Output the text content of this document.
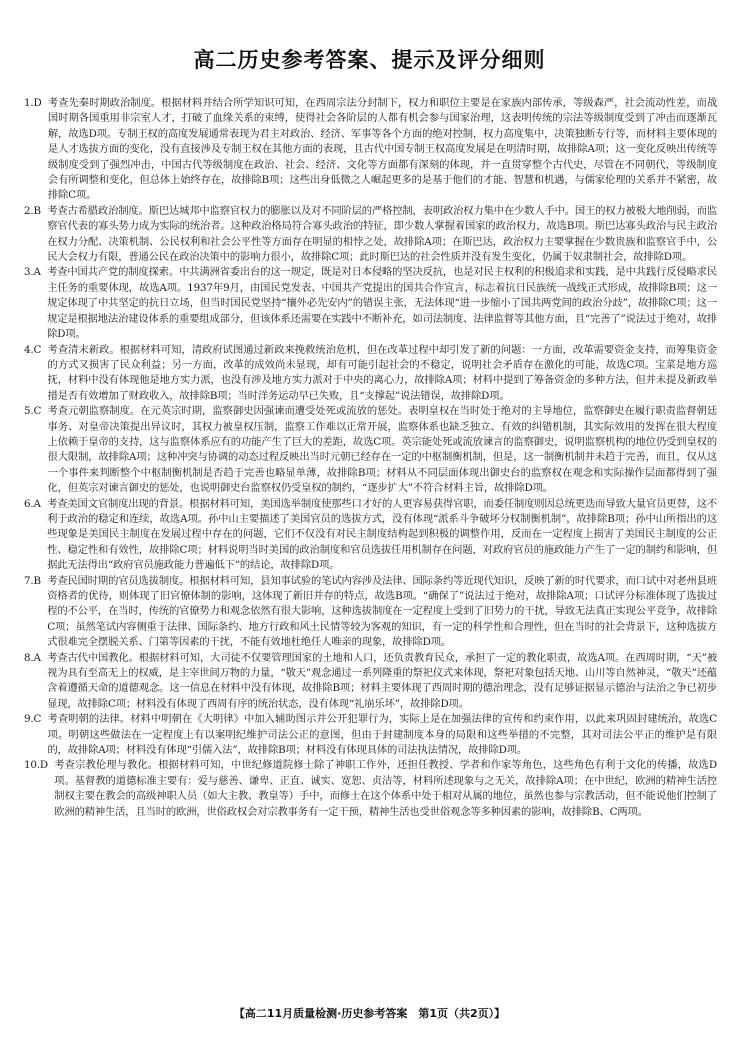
高二历史参考答案、提示及评分细则
1.D 考查先秦时期政治制度。根据材料并结合所学知识可知，在西周宗法分封制下，权力和职位主要是在家族内部传承，等级森严，社会流动性差，而战国时期各国重用非宗室人才，打破了血缘关系的束缚，使得社会各阶层的人都有机会参与国家治理，这表明传统的宗法等级制度受到了冲击而逐渐瓦解，故选D项。专制王权的高度发展通常表现为君主对政治、经济、军事等各个方面的绝对控制，权力高度集中，决策独断专行等，而材料主要体现的是人才选拔方面的变化，没有直接涉及专制王权在其他方面的表现，且古代中国专制王权高度发展是在明清时期，故排除A项；这一变化反映出传统等级制度受到了强烈冲击，中国古代等级制度在政治、社会、经济、文化等方面都有深刻的体现，并一直贯穿整个古代史，尽管在不同朝代，等级制度会有所调整和变化，但总体上始终存在，故排除B项；这些出身低微之人崛起更多的是基于他们的才能、智慧和机遇，与儒家伦理的关系并不紧密，故排除C项。
2.B 考查古希腊政治制度。斯巴达城邦中监察官权力的膨胀以及对不同阶层的严格控制，表明政治权力集中在少数人手中。国王的权力被极大地削弱，而监察官代表的寡头势力成为实际的统治者。这种政治格局符合寡头政治的特征，即少数人掌握着国家的政治权力，故选B项。斯巴达寡头政治与民主政治在权力分配、决策机制、公民权利和社会公平性等方面存在明显的相悖之处，故排除A项；在斯巴达，政治权力主要掌握在少数贵族和监察官手中，公民大会权力有限，普通公民在政治决策中的影响力很小，故排除C项；此时斯巴达的社会性质并没有发生变化，仍属于奴隶制社会，故排除D项。
3.A 考查中国共产党的制度探索。中共满洲省委出台的这一规定，既是对日本侵略的坚决反抗，也是对民主权利的积极追求和实践，是中共践行反侵略求民主任务的重要体现，故选A项。1937年9月，由国民党发表、中国共产党提出的国共合作宣言，标志着抗日民族统一战线正式形成，故排除B项；这一规定体现了中共坚定的抗日立场，但当时国民党坚持“攘外必先安内”的错误主张，无法体现“进一步缩小了国共两党间的政治分歧”，故排除C项；这一规定是根据地法治建设体系的重要组成部分，但该体系还需要在实践中不断补充，如司法制度、法律监督等其他方面，且“完善了”说法过于绝对，故排除D项。
4.C 考查清末新政。根据材料可知，清政府试图通过新政来挽救统治危机，但在改革过程中却引发了新的问题：一方面，改革需要资金支持，而筹集资金的方式又损害了民众利益；另一方面，改革的成效尚未显现，却有可能引起社会的不稳定，说明社会矛盾存在激化的可能，故选C项。宝菜是地方巡抚，材料中没有体现他是地方实力派，也没有涉及地方实力派对于中央的离心力，故排除A项；材料中提到了筹备资金的多种方法，但并未提及新政举措是否有效增加了财政收入，故排除B项；当时洋务运动早已失败，且“支撑起”说法错误，故排除D项。
5.C 考查元朝监察制度。在元英宗时期，监察御史因强谏而遭受处死或流放的惩处。表明皇权在当时处于绝对的主导地位，监察御史在履行职责监督朝廷事务、对皇帝决策提出异议时，其权力被皇权压制，监察工作难以正常开展，监察体系也缺乏独立、有效的纠错机制，其实际效用的发挥在很大程度上依赖于皇帝的支持，这与监察体系应有的功能产生了巨大的差距，故选C项。英宗能处死或流放谏言的监察御史，说明监察机构的地位仍受到皇权的很大限制，故排除A项；这种冲突与协调的动态过程反映出当时元朝已经存在一定的中枢制衡机制，但是，这一制衡机制并未趋于完善，而且，仅从这一个事件来判断整个中枢制衡机制是否趋于完善也略显单薄，故排除B项；材料从不同层面体现出御史台的监察权在观念和实际操作层面都得到了强化，但英宗对谏言御史的惩处，也说明御史台监察权仍受皇权的制约，“逐步扩大”不符合材料主旨，故排除D项。
6.A 考查美国文官制度出现的背景。根据材料可知，美国选举制度使那些口才好的人更容易获得官职，而委任制度则因总统更迭而导致大量官员更替，这不利于政治的稳定和连续，故选A项。孙中山主要描述了美国官员的选拔方式，没有体现“派系斗争破坏分权制衡机制”，故排除B项；孙中山所指出的这些现象是美国民主制度在发展过程中存在的问题，它们不仅没有对民主制度结构起到积极的调整作用，反而在一定程度上损害了美国民主制度的公正性、稳定性和有效性，故排除C项；材料说明当时美国的政治制度和官员选拔任用机制存在问题，对政府官员的施政能力产生了一定的制约和影响，但据此无法得出“政府官员施政能力普遍低下”的结论，故排除D项。
7.B 考查民国时期的官员选拔制度。根据材料可知，县知事试验的笔试内容涉及法律、国际条约等近现代知识，反映了新的时代要求，而口试中对老州县班资格者的优待，则体现了旧官僚体制的影响，这体现了新旧并存的特点，故选B项。“确保了”说法过于绝对，故排除A项；口试评分标准体现了选拔过程的不公平，在当时，传统的官僚势力和观念依然有很大影响，这种选拔制度在一定程度上受到了旧势力的干扰，导致无法真正实现公平竞争，故排除C项；虽然笔试内容侧重于法律、国际条约、地方行政和风土民情等较为客观的知识，有一定的科学性和合理性，但在当时的社会背景下，这种选拔方式很难完全摆脱关系、门第等因素的干扰，不能有效地杜绝任人唯亲的现象，故排除D项。
8.A 考查古代中国教化。根据材料可知，大司徒不仅要管理国家的土地和人口，还负责教育民众，承担了一定的教化职责，故选A项。在西周时期，“天”被视为具有至高无上的权威，是主宰世间万物的力量，“敬天”观念通过一系列隆重的祭祀仪式来体现，祭祀对象包括天地、山川等自然神灵，“敬天”还蕴含着遵循天命的道德观念。这一信息在材料中没有体现，故排除B项；材料主要体现了西周时期的德治理念，没有足够证据显示德治与法治之争已初步显现，故排除C项；材料没有体现了西周有序的统治状态，没有体现“礼崩乐坏”，故排除D项。
9.C 考查明朝的法律。材料中明朝在《大明律》中加入辅助图示并公开犯罪行为，实际上是在加强法律的宣传和约束作用，以此来巩固封建统治，故选C项。明朝这些做法在一定程度上有以案明纪维护司法公正的意图，但由于封建制度本身的局限和这些举措的不完整，其对司法公平正的维护是有限的，故排除A项；材料没有体现“引儒入法”，故排除B项；材料没有体现具体的司法执法情况，故排除D项。
10.D 考查宗教伦理与教化。根据材料可知，中世纪修道院修士除了神职工作外，还担任教授、学者和作家等角色，这些角色有利于文化的传播，故选D项。基督教的道德标准主要有：爱与慈善、谦卑、正直、诚实、宽恕、贞洁等，材料所述现象与之无关，故排除A项；在中世纪，欧洲的精神生活控制权主要在教会的高级神职人员（如大主教、教皇等）手中，而修士在这个体系中处于相对从属的地位，虽然也参与宗教活动，但不能说他们控制了欧洲的精神生活，且当时的欧洲，世俗政权会对宗教事务有一定干预，精神生活也受世俗观念等多种因素的影响，故排除B、C两项。
【高二11月质量检测·历史参考答案　第1页（共2页）】
